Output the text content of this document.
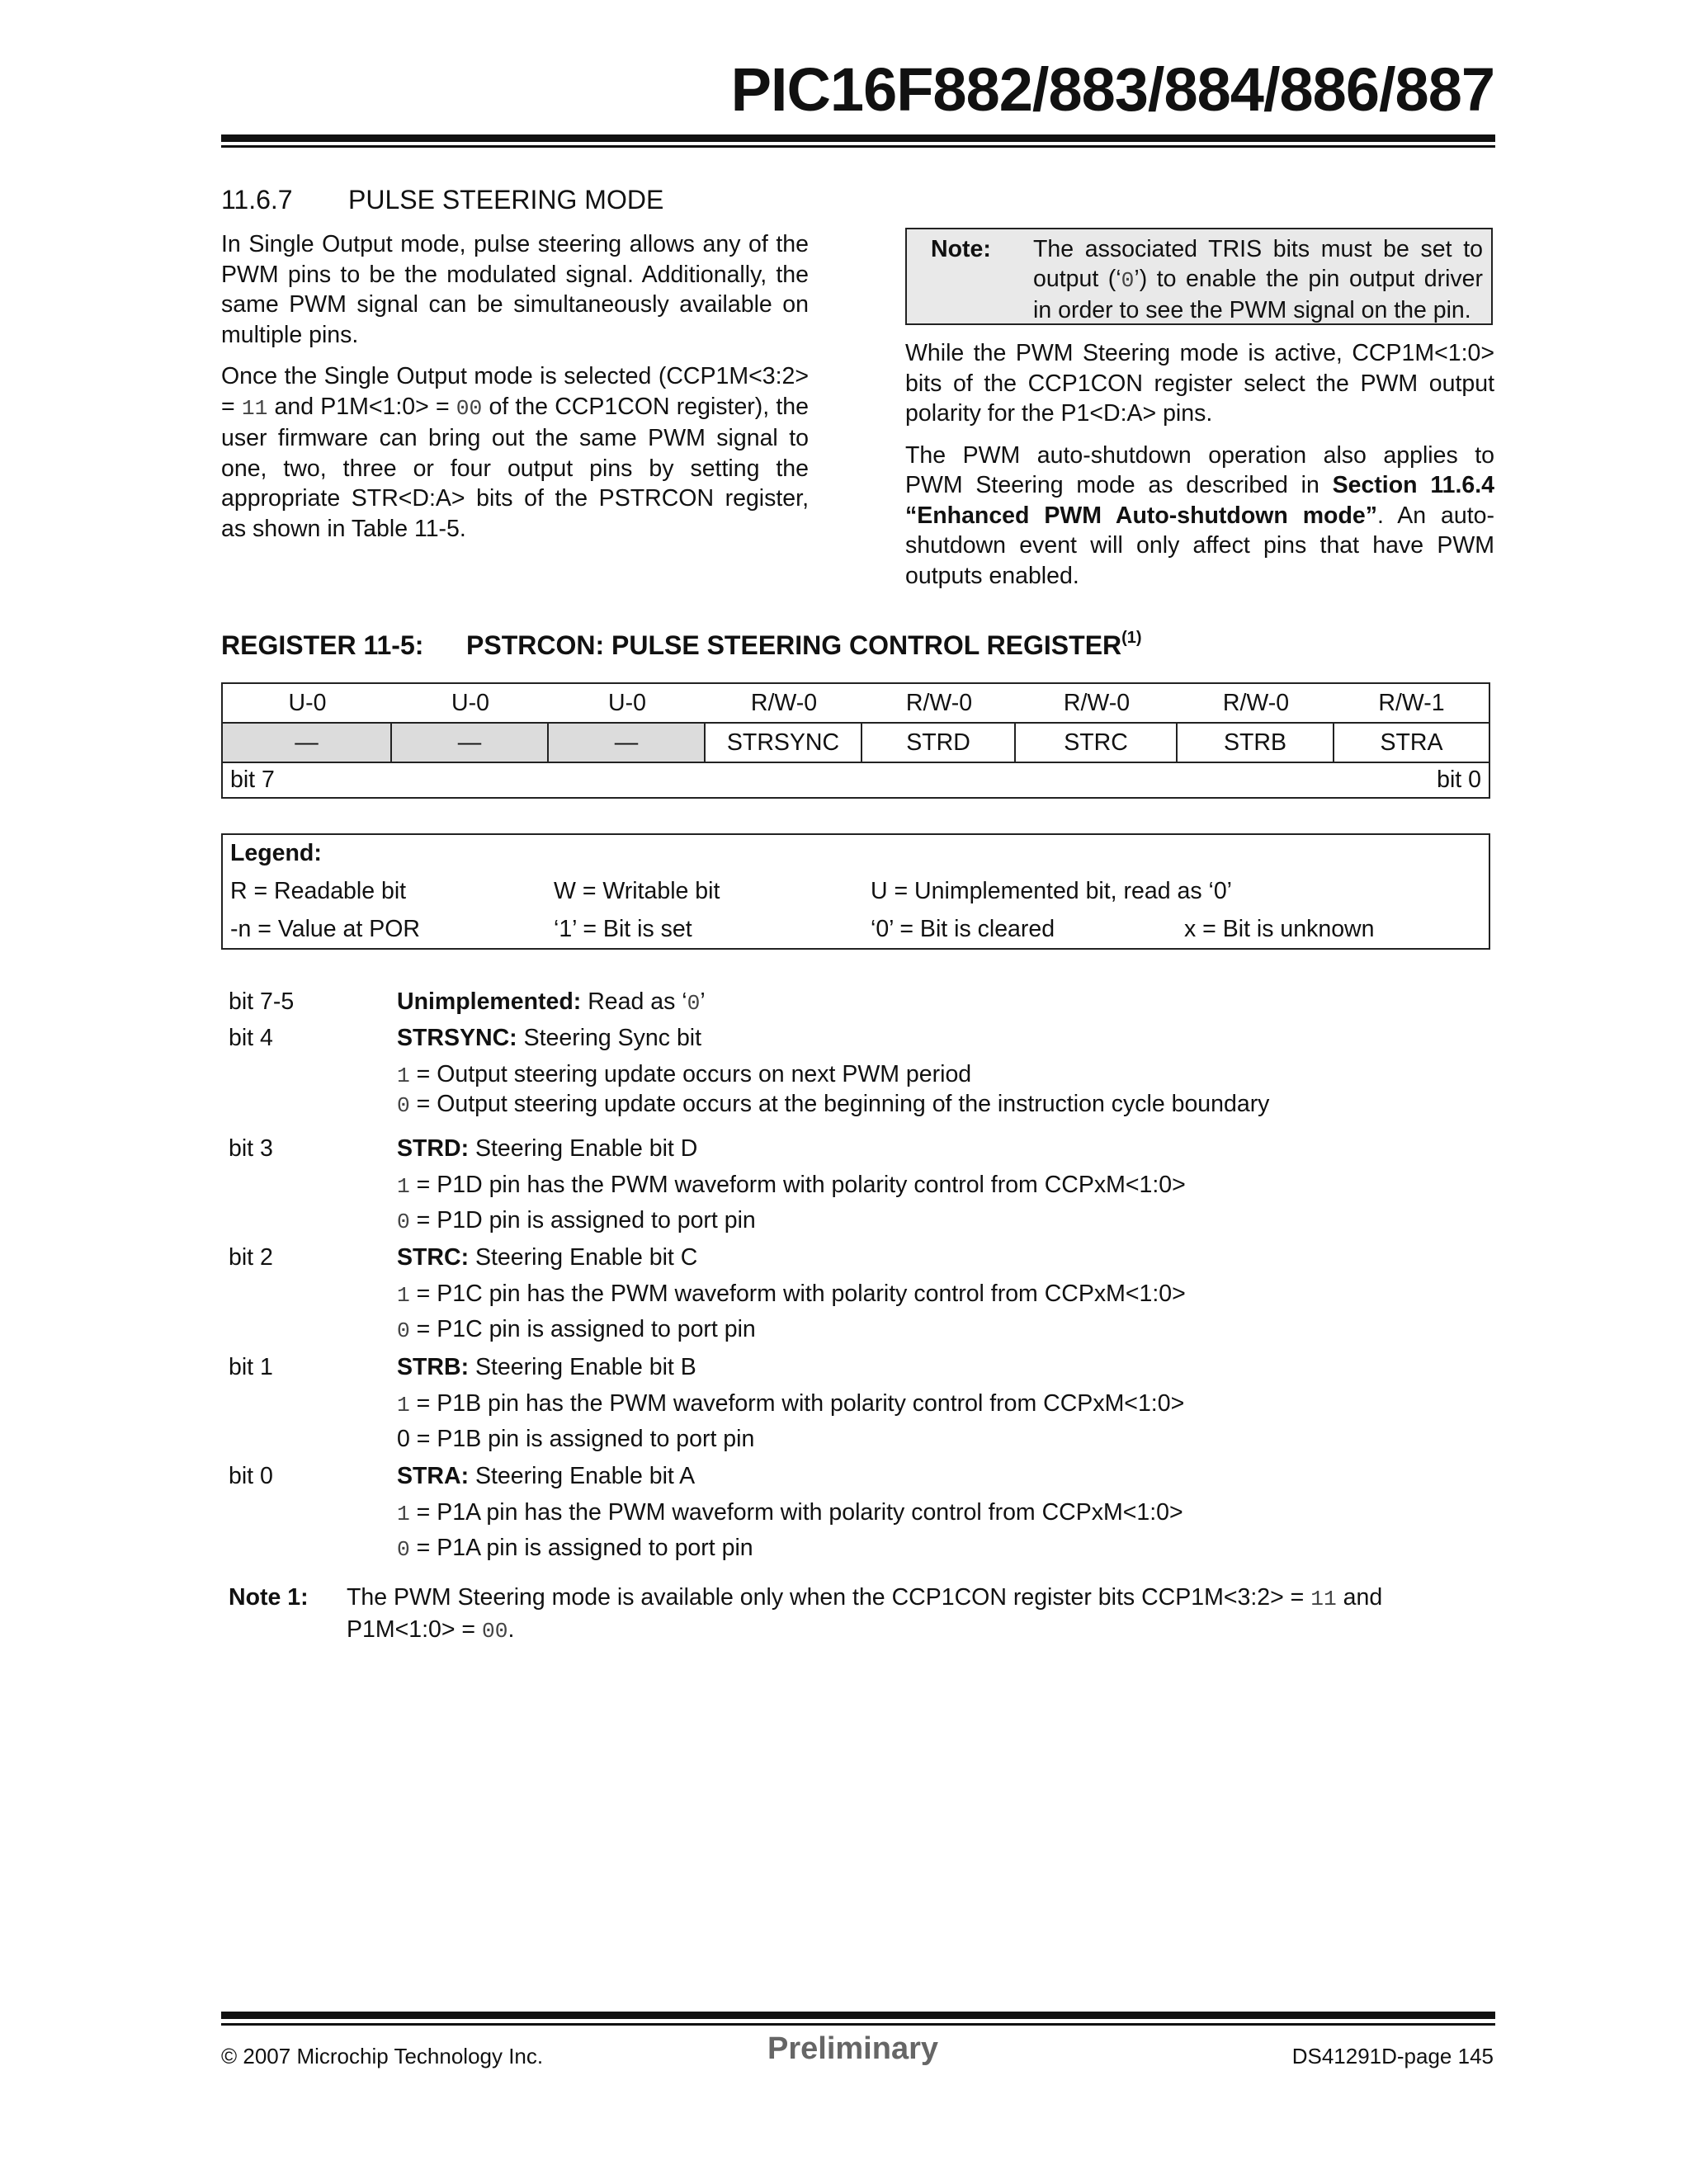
PIC16F882/883/884/886/887
11.6.7 PULSE STEERING MODE

In Single Output mode, pulse steering allows any of the PWM pins to be the modulated signal. Additionally, the same PWM signal can be simultaneously available on multiple pins.

Once the Single Output mode is selected (CCP1M<3:2> = 11 and P1M<1:0> = 00 of the CCP1CON register), the user firmware can bring out the same PWM signal to one, two, three or four output pins by setting the appropriate STR<D:A> bits of the PSTRCON register, as shown in Table 11-5.

Note: The associated TRIS bits must be set to output (‘0’) to enable the pin output driver in order to see the PWM signal on the pin.

While the PWM Steering mode is active, CCP1M<1:0> bits of the CCP1CON register select the PWM output polarity for the P1<D:A> pins.

The PWM auto-shutdown operation also applies to PWM Steering mode as described in Section 11.6.4 “Enhanced PWM Auto-shutdown mode”. An auto-shutdown event will only affect pins that have PWM outputs enabled.

REGISTER 11-5: PSTRCON: PULSE STEERING CONTROL REGISTER$^{(1)}$
U-0	U-0	U-0	R/W-0	R/W-0	R/W-0	R/W-0	R/W-1
—	—	—	STRSYNC	STRD	STRC	STRB	STRA
bit 7	bit 0
Legend:
R = Readable bit	W = Writable bit	U = Unimplemented bit, read as ‘0’
-n = Value at POR	‘1’ = Bit is set	‘0’ = Bit is cleared	x = Bit is unknown
bit 7-5	Unimplemented: Read as ‘0’
bit 4	STRSYNC: Steering Sync bit
1 = Output steering update occurs on next PWM period
0 = Output steering update occurs at the beginning of the instruction cycle boundary
bit 3	STRD: Steering Enable bit D
1 = P1D pin has the PWM waveform with polarity control from CCPxM<1:0>
0 = P1D pin is assigned to port pin
bit 2	STRC: Steering Enable bit C
1 = P1C pin has the PWM waveform with polarity control from CCPxM<1:0>
0 = P1C pin is assigned to port pin
bit 1	STRB: Steering Enable bit B
1 = P1B pin has the PWM waveform with polarity control from CCPxM<1:0>
0 = P1B pin is assigned to port pin
bit 0	STRA: Steering Enable bit A
1 = P1A pin has the PWM waveform with polarity control from CCPxM<1:0>
0 = P1A pin is assigned to port pin
Note 1: The PWM Steering mode is available only when the CCP1CON register bits CCP1M<3:2> = 11 and P1M<1:0> = 00.
© 2007 Microchip Technology Inc.	Preliminary	DS41291D-page 145
